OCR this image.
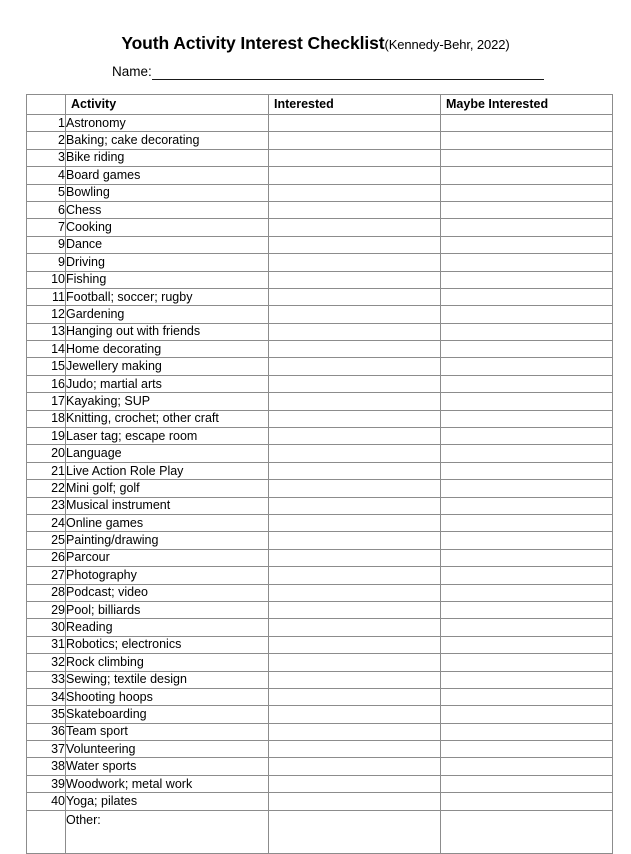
Youth Activity Interest Checklist(Kennedy-Behr, 2022)
Name:
	Activity	Interested	Maybe Interested
1	Astronomy		
2	Baking; cake decorating		
3	Bike riding		
4	Board games		
5	Bowling		
6	Chess		
7	Cooking		
9	Dance		
9	Driving		
10	Fishing		
11	Football; soccer; rugby		
12	Gardening		
13	Hanging out with friends		
14	Home decorating		
15	Jewellery making		
16	Judo; martial arts		
17	Kayaking; SUP		
18	Knitting, crochet; other craft		
19	Laser tag; escape room		
20	Language		
21	Live Action Role Play		
22	Mini golf; golf		
23	Musical instrument		
24	Online games		
25	Painting/drawing		
26	Parcour		
27	Photography		
28	Podcast; video		
29	Pool; billiards		
30	Reading		
31	Robotics; electronics		
32	Rock climbing		
33	Sewing; textile design		
34	Shooting hoops		
35	Skateboarding		
36	Team sport		
37	Volunteering		
38	Water sports		
39	Woodwork; metal work		
40	Yoga; pilates		
	Other:		
